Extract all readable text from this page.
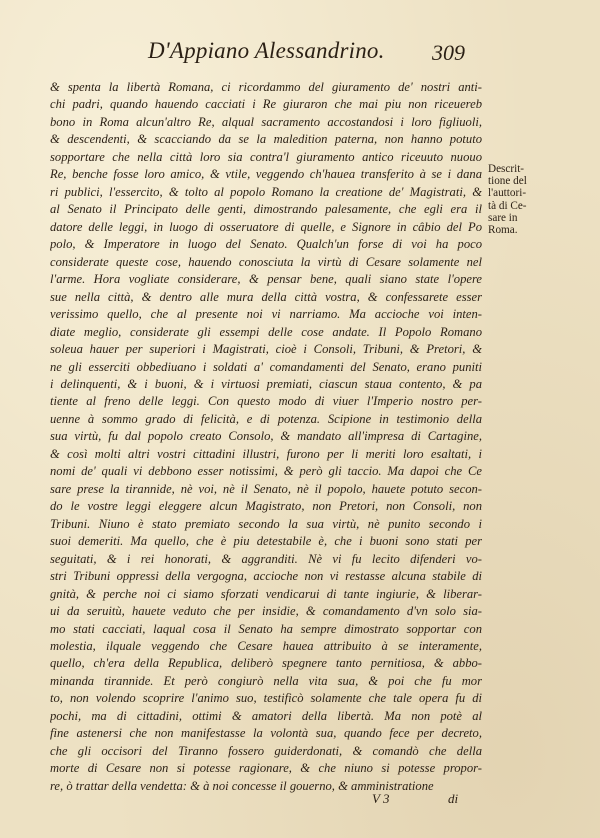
D'Appiano Alessandrino.	309
& spenta la libertà Romana, ci ricordammo del giuramento de' nostri anti-
chi padri, quando hauendo cacciati i Re giuraron che mai piu non riceuereb
bono in Roma alcun'altro Re, alqual sacramento accostandosi i loro figliuoli,
& descendenti, & scacciando da se la maledition paterna, non hanno potuto
sopportare che nella città loro sia contra'l giuramento antico riceuuto nuouo
Re, benche fosse loro amico, & vtile, veggendo ch'hauea transferito à se i dana
ri publici, l'essercito, & tolto al popolo Romano la creatione de' Magistrati, &
al Senato il Principato delle genti, dimostrando palesamente, che egli era il
datore delle leggi, in luogo di osseruatore di quelle, e Signore in câbio del Po
polo, & Imperatore in luogo del Senato. Qualch'un forse di voi ha poco
considerate queste cose, hauendo conosciuta la virtù di Cesare solamente nel
l'arme. Hora vogliate considerare, & pensar bene, quali siano state l'opere
sue nella città, & dentro alle mura della città vostra, & confessarete esser
verissimo quello, che al presente noi vi narriamo. Ma accioche voi inten-
diate meglio, considerate gli essempi delle cose andate. Il Popolo Romano
soleua hauer per superiori i Magistrati, cioè i Consoli, Tribuni, & Pretori, &
ne gli esserciti obbediuano i soldati a' comandamenti del Senato, erano puniti
i delinquenti, & i buoni, & i virtuosi premiati, ciascun staua contento, & pa
tiente al freno delle leggi. Con questo modo di viuer l'Imperio nostro per-
uenne à sommo grado di felicità, e di potenza. Scipione in testimonio della
sua virtù, fu dal popolo creato Consolo, & mandato all'impresa di Cartagine,
& così molti altri vostri cittadini illustri, furono per li meriti loro esaltati, i
nomi de' quali vi debbono esser notissimi, & però gli taccio. Ma dapoi che Ce
sare prese la tirannide, nè voi, nè il Senato, nè il popolo, hauete potuto secon-
do le vostre leggi eleggere alcun Magistrato, non Pretori, non Consoli, non
Tribuni. Niuno è stato premiato secondo la sua virtù, nè punito secondo i
suoi demeriti. Ma quello, che è piu detestabile è, che i buoni sono stati per
seguitati, & i rei honorati, & aggranditi. Nè vi fu lecito difenderi vo-
stri Tribuni oppressi della vergogna, accioche non vi restasse alcuna stabile di
gnità, & perche noi ci siamo sforzati vendicarui di tante ingiurie, & liberar-
ui da seruitù, hauete veduto che per insidie, & comandamento d'vn solo sia-
mo stati cacciati, laqual cosa il Senato ha sempre dimostrato sopportar con
molestia, ilquale veggendo che Cesare hauea attribuito à se interamente,
quello, ch'era della Republica, deliberò spegnere tanto pernitiosa, & abbo-
minanda tirannide. Et però congiurò nella vita sua, & poi che fu mor
to, non volendo scoprire l'animo suo, testificò solamente che tale opera fu di
pochi, ma di cittadini, ottimi & amatori della libertà. Ma non potè al
fine astenersi che non manifestasse la volontà sua, quando fece per decreto,
che gli occisori del Tiranno fossero guiderdonati, & comandò che della
morte di Cesare non si potesse ragionare, & che niuno si potesse propor-
re, ò trattar della vendetta: & à noi concesse il gouerno, & amministratione
Descrit-
tione del
l'auttori-
tà di Ce-
sare in
Roma.
V 3	di
